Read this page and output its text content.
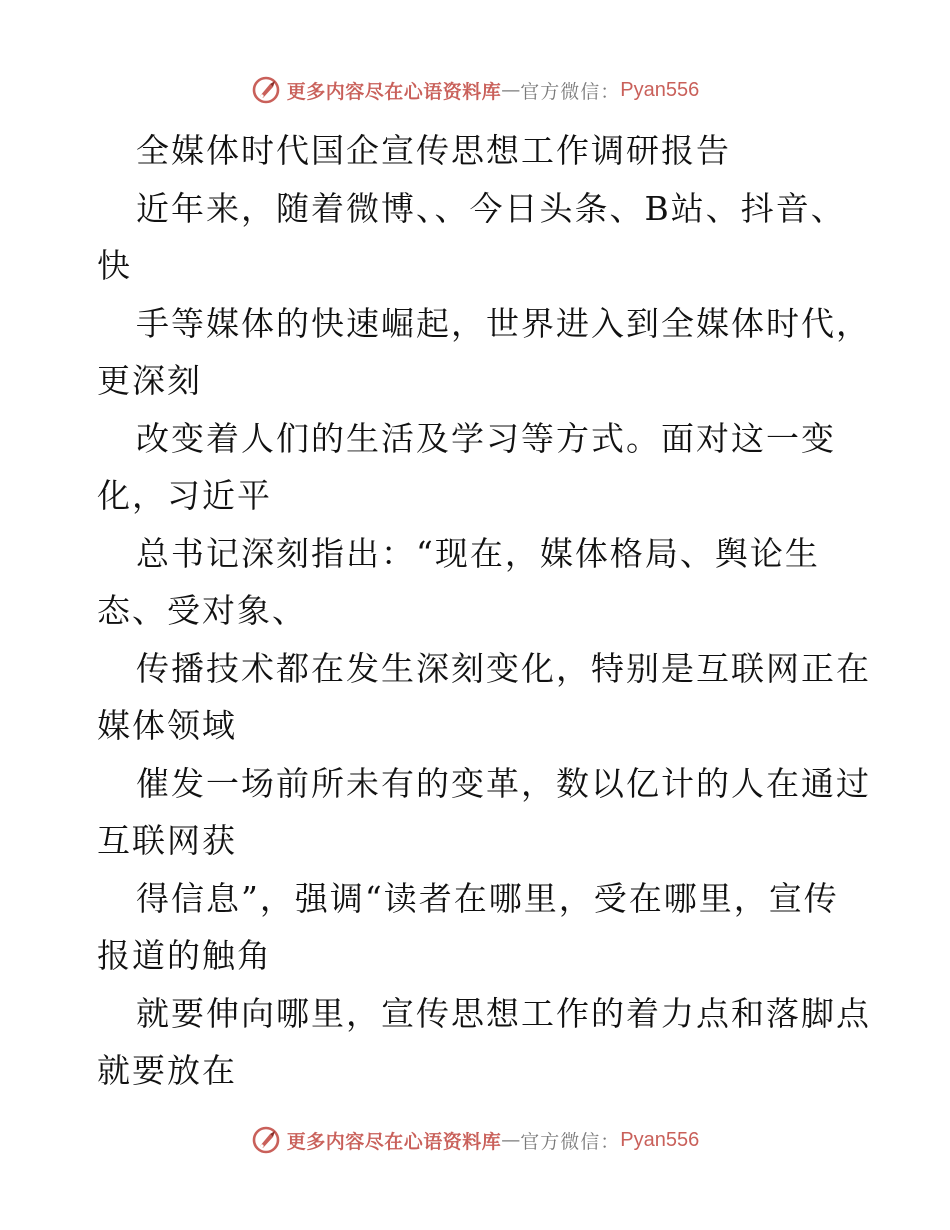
更多内容尽在心语资料库 — 官方微信： Pyan556
全媒体时代国企宣传思想工作调研报告
近年来，随着微博、、今日头条、B站、抖音、
快
手等媒体的快速崛起，世界进入到全媒体时代，
更深刻
改变着人们的生活及学习等方式。面对这一变
化，习近平
总书记深刻指出：“现在，媒体格局、舆论生
态、受对象、
传播技术都在发生深刻变化，特别是互联网正在
媒体领域
催发一场前所未有的变革，数以亿计的人在通过
互联网获
得信息”，强调“读者在哪里，受在哪里，宣传
报道的触角
就要伸向哪里，宣传思想工作的着力点和落脚点
就要放在
更多内容尽在心语资料库 — 官方微信： Pyan556
